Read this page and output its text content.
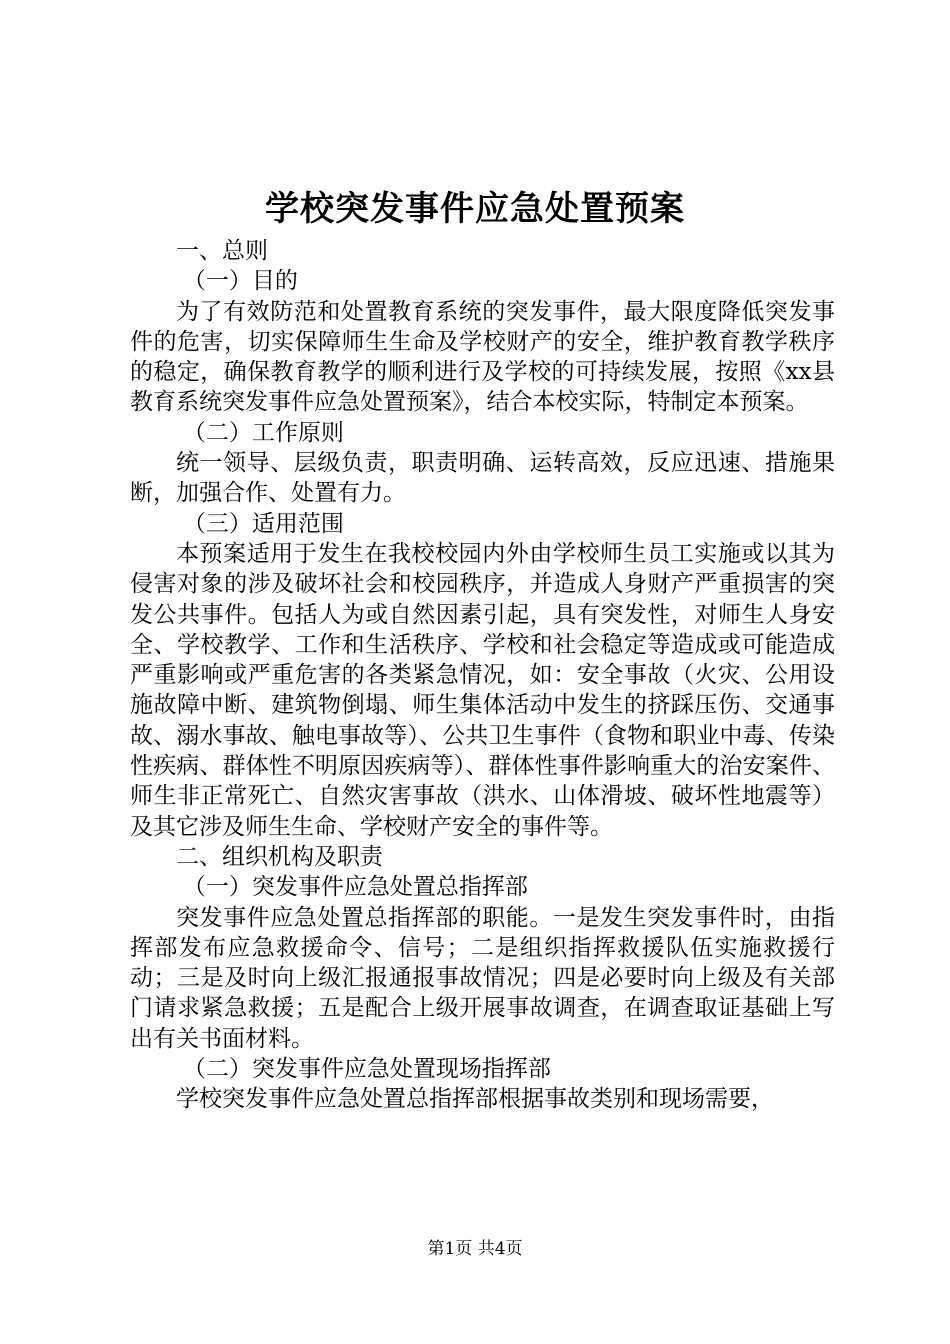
学校突发事件应急处置预案

一、总则

（一）目的

为了有效防范和处置教育系统的突发事件，最大限度降低突发事件的危害，切实保障师生生命及学校财产的安全，维护教育教学秩序的稳定，确保教育教学的顺利进行及学校的可持续发展，按照《xx县教育系统突发事件应急处置预案》，结合本校实际，特制定本预案。

（二）工作原则

统一领导、层级负责，职责明确、运转高效，反应迅速、措施果断，加强合作、处置有力。

（三）适用范围

本预案适用于发生在我校校园内外由学校师生员工实施或以其为侵害对象的涉及破坏社会和校园秩序，并造成人身财产严重损害的突发公共事件。包括人为或自然因素引起，具有突发性，对师生人身安全、学校教学、工作和生活秩序、学校和社会稳定等造成或可能造成严重影响或严重危害的各类紧急情况，如：安全事故（火灾、公用设施故障中断、建筑物倒塌、师生集体活动中发生的挤踩压伤、交通事故、溺水事故、触电事故等）、公共卫生事件（食物和职业中毒、传染性疾病、群体性不明原因疾病等）、群体性事件影响重大的治安案件、师生非正常死亡、自然灾害事故（洪水、山体滑坡、破坏性地震等）及其它涉及师生生命、学校财产安全的事件等。

二、组织机构及职责

（一）突发事件应急处置总指挥部

突发事件应急处置总指挥部的职能。一是发生突发事件时，由指挥部发布应急救援命令、信号；二是组织指挥救援队伍实施救援行动；三是及时向上级汇报通报事故情况；四是必要时向上级及有关部门请求紧急救援；五是配合上级开展事故调查，在调查取证基础上写出有关书面材料。

（二）突发事件应急处置现场指挥部

学校突发事件应急处置总指挥部根据事故类别和现场需要，

第1页 共4页
